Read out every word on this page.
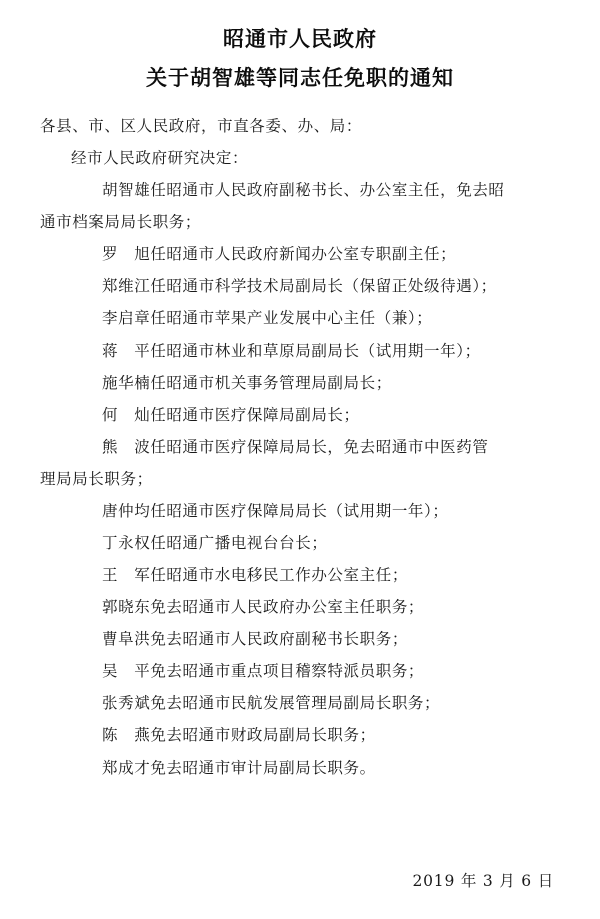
昭通市人民政府
关于胡智雄等同志任免职的通知
各县、市、区人民政府，市直各委、办、局：
经市人民政府研究决定：
胡智雄任昭通市人民政府副秘书长、办公室主任，免去昭
通市档案局局长职务；
罗　旭任昭通市人民政府新闻办公室专职副主任；
郑维江任昭通市科学技术局副局长（保留正处级待遇）；
李启章任昭通市苹果产业发展中心主任（兼）；
蒋　平任昭通市林业和草原局副局长（试用期一年）；
施华楠任昭通市机关事务管理局副局长；
何　灿任昭通市医疗保障局副局长；
熊　波任昭通市医疗保障局局长，免去昭通市中医药管
理局局长职务；
唐仲均任昭通市医疗保障局局长（试用期一年）；
丁永权任昭通广播电视台台长；
王　军任昭通市水电移民工作办公室主任；
郭晓东免去昭通市人民政府办公室主任职务；
曹阜洪免去昭通市人民政府副秘书长职务；
吴　平免去昭通市重点项目稽察特派员职务；
张秀斌免去昭通市民航发展管理局副局长职务；
陈　燕免去昭通市财政局副局长职务；
郑成才免去昭通市审计局副局长职务。
2019 年 3 月 6 日
